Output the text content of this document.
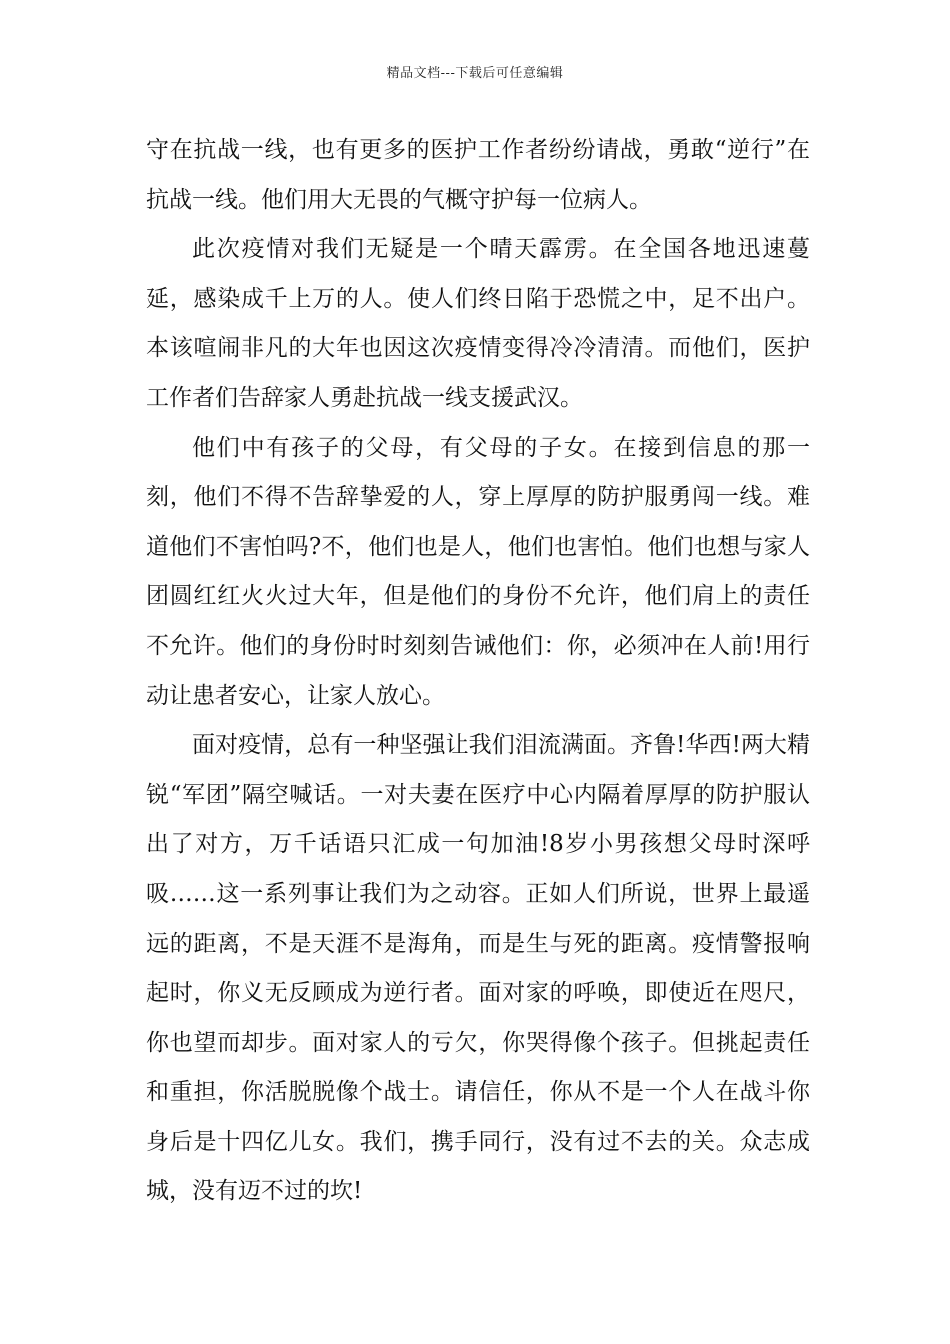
精品文档---下载后可任意编辑

守在抗战一线，也有更多的医护工作者纷纷请战，勇敢“逆行”在抗战一线。他们用大无畏的气概守护每一位病人。

此次疫情对我们无疑是一个晴天霹雳。在全国各地迅速蔓延，感染成千上万的人。使人们终日陷于恐慌之中，足不出户。本该喧闹非凡的大年也因这次疫情变得冷冷清清。而他们，医护工作者们告辞家人勇赴抗战一线支援武汉。

他们中有孩子的父母，有父母的子女。在接到信息的那一刻，他们不得不告辞挚爱的人，穿上厚厚的防护服勇闯一线。难道他们不害怕吗?不，他们也是人，他们也害怕。他们也想与家人团圆红红火火过大年，但是他们的身份不允许，他们肩上的责任不允许。他们的身份时时刻刻告诫他们：你，必须冲在人前!用行动让患者安心，让家人放心。

面对疫情，总有一种坚强让我们泪流满面。齐鲁!华西!两大精锐“军团”隔空喊话。一对夫妻在医疗中心内隔着厚厚的防护服认出了对方，万千话语只汇成一句加油!8岁小男孩想父母时深呼吸……这一系列事让我们为之动容。正如人们所说，世界上最遥远的距离，不是天涯不是海角，而是生与死的距离。疫情警报响起时，你义无反顾成为逆行者。面对家的呼唤，即使近在咫尺，你也望而却步。面对家人的亏欠，你哭得像个孩子。但挑起责任和重担，你活脱脱像个战士。请信任，你从不是一个人在战斗你身后是十四亿儿女。我们，携手同行，没有过不去的关。众志成城，没有迈不过的坎!
